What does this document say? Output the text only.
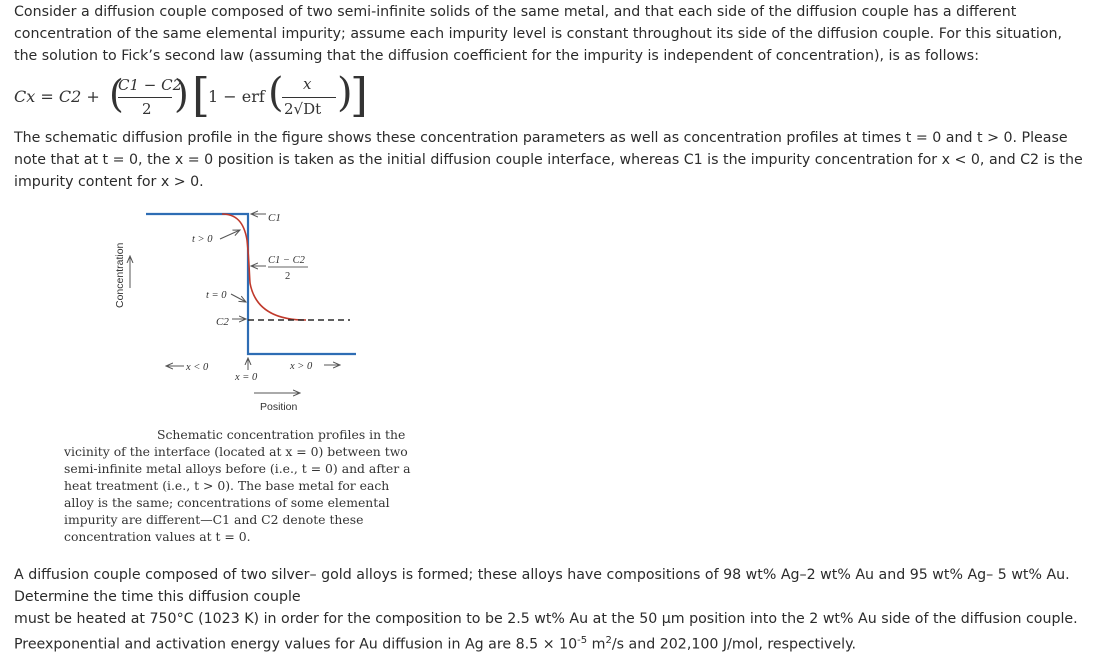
Consider a diffusion couple composed of two semi-infinite solids of the same metal, and that each side of the diffusion couple has a different concentration of the same elemental impurity; assume each impurity level is constant throughout its side of the diffusion couple. For this situation, the solution to Fick’s second law (assuming that the diffusion coefficient for the impurity is independent of concentration), is as follows:
Cx = C2 + (
C1 − C2
2 ) [
1 − erf ( x
2√Dt )
]
The schematic diffusion profile in the figure shows these concentration parameters as well as concentration profiles at times t = 0 and t > 0. Please note that at t = 0, the x = 0 position is taken as the initial diffusion couple interface, whereas C1 is the impurity concentration for x < 0, and C2 is the impurity content for x > 0.
Concentration
Position
C1
C1 − C2
2
t > 0
t = 0
C2
x < 0
x = 0
x > 0
Schematic concentration profiles in the vicinity of the interface (located at x = 0) between two semi-infinite metal alloys before (i.e., t = 0) and after a heat treatment (i.e., t > 0). The base metal for each alloy is the same; concentrations of some elemental impurity are different—C1 and C2 denote these concentration values at t = 0.
A diffusion couple composed of two silver– gold alloys is formed; these alloys have compositions of 98 wt% Ag–2 wt% Au and 95 wt% Ag– 5 wt% Au.
Determine the time this diffusion couple
must be heated at 750°C (1023 K) in order for the composition to be 2.5 wt% Au at the 50 μm position into the 2 wt% Au side of the diffusion couple.
Preexponential and activation energy values for Au diffusion in Ag are $8.5 \times 10^{-5}$ $m^2/s$ and 202,100 J/mol, respectively.
